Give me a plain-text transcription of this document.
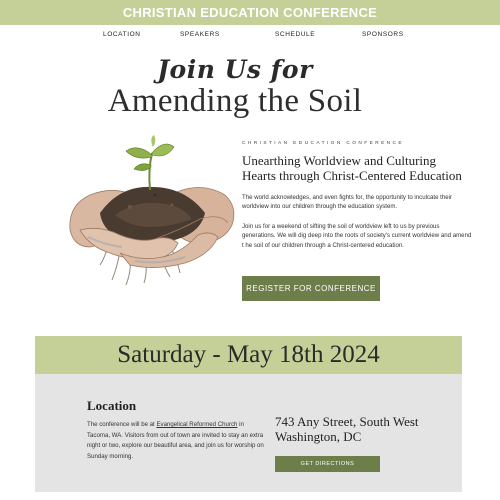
CHRISTIAN EDUCATION CONFERENCE
LOCATION	SPEAKERS	SCHEDULE	SPONSORS
Join Us for
Amending the Soil
CHRISTIAN EDUCATION CONFERENCE
Unearthing Worldview and Culturing Hearts through Christ-Centered Education

The world acknowledges, and even fights for, the opportunity to inculcate their worldview into our children through the education system.

Join us for a weekend of sifting the soil of worldview left to us by previous generations. We will dig deep into the roots of society's current worldview and amend t he soil of our children through a Christ-centered education.

REGISTER FOR CONFERENCE
Saturday - May 18th 2024
Location

The conference will be at Evangelical Reformed Church in Tacoma, WA. Visitors from out of town are invited to stay an extra night or two, explore our beautiful area, and join us for worship on Sunday morning.

743 Any Street, South West
Washington, DC
GET DIRECTIONS
